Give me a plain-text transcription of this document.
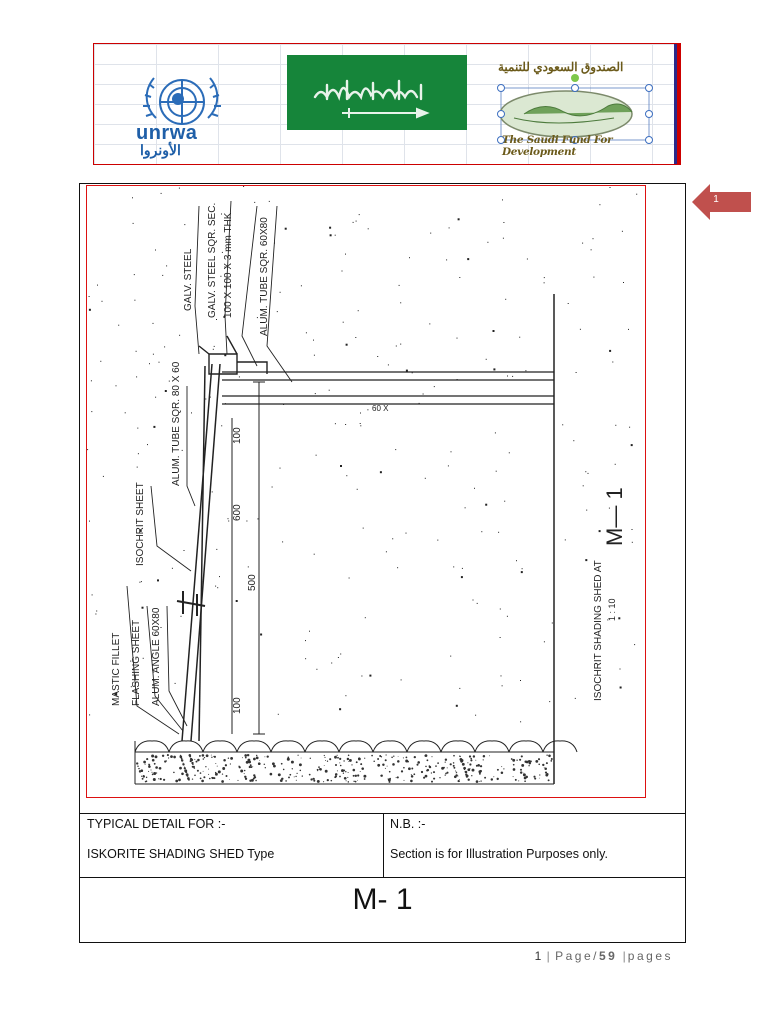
unrwa
الأونروا
الصندوق السعودي للتنمية
The Saudi Fund For Development
GALV. STEEL GALV. STEEL SQR. SEC. 100 X 100 X 3 mm THK	ALUM. TUBE SQR. 60X80
ALUM. TUBE SQR. 80 X 60
ISOCHRIT SHEET
MASTIC FILLET FLASHING SHEET ALUM. ANGLE 60X80
100
600
500
100
60 X
ISOCHRIT SHADING SHED AT 1 : 10
M— 1
TYPICAL DETAIL FOR :-
ISKORITE SHADING SHED Type
N.B. :-
Section is for Illustration Purposes only.
M- 1
1
1 | Page/59 | pages
